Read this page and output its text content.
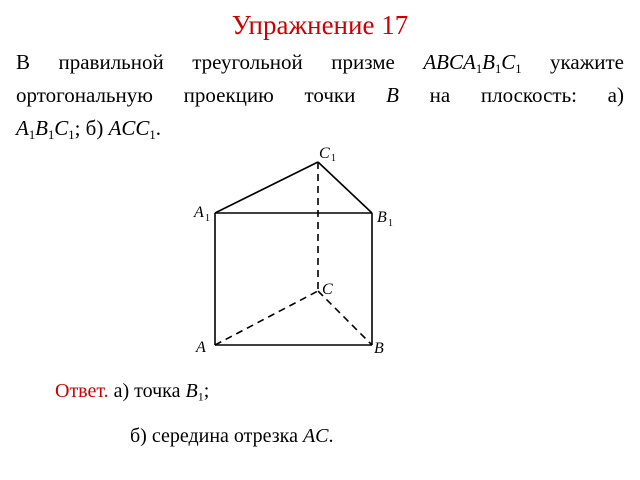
Упражнение 17
В правильной треугольной призме $ABCA_1B_1C_1$ укажите ортогональную проекцию точки B на плоскость: а)
$A_1B_1C_1$; б) $ACC_1$.
C 1
A 1	B 1
C
A	B
Ответ. а) точка $B_1$;
б) середина отрезка AC.
